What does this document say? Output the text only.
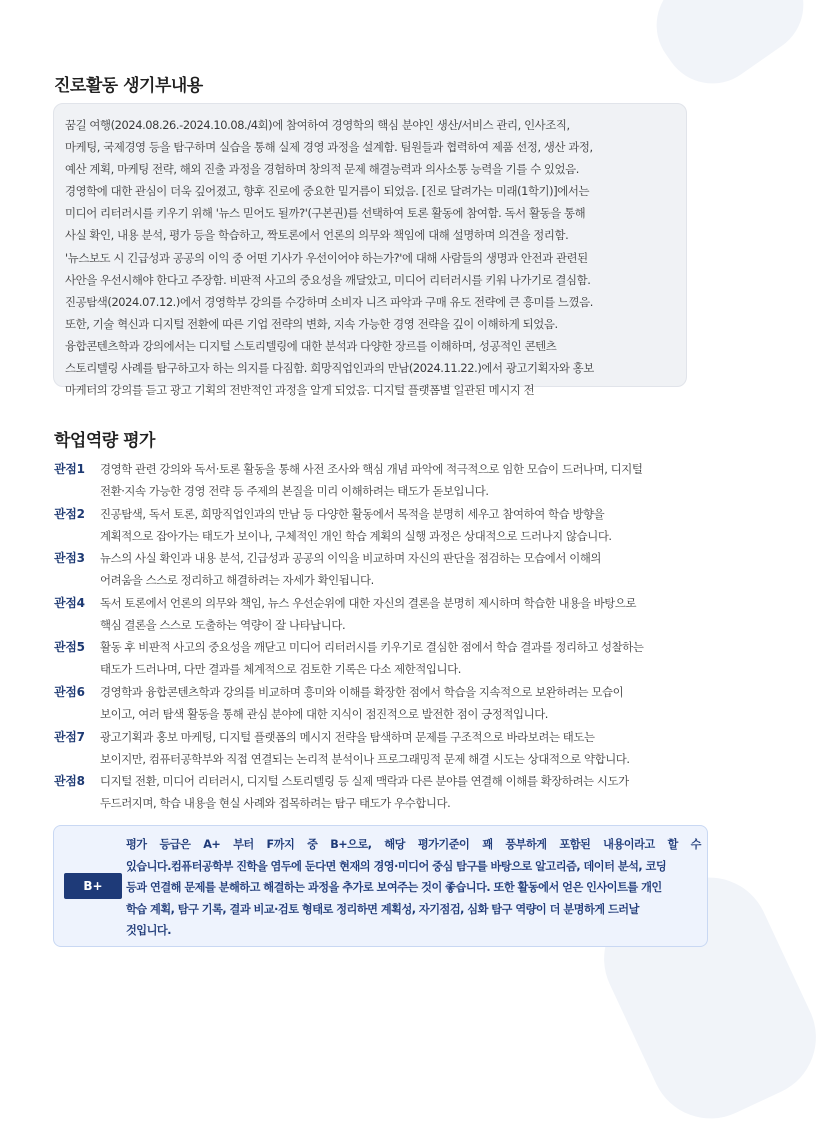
진로활동 생기부내용
꿈길 여행(2024.08.26.-2024.10.08./4회)에 참여하여 경영학의 핵심 분야인 생산/서비스 관리, 인사조직,
마케팅, 국제경영 등을 탐구하며 실습을 통해 실제 경영 과정을 설계함. 팀원들과 협력하여 제품 선정, 생산 과정,
예산 계획, 마케팅 전략, 해외 진출 과정을 경험하며 창의적 문제 해결능력과 의사소통 능력을 기를 수 있었음.
경영학에 대한 관심이 더욱 깊어졌고, 향후 진로에 중요한 밑거름이 되었음. [진로 달려가는 미래(1학기)]에서는
미디어 리터러시를 키우기 위해 '뉴스 믿어도 될까?'(구본권)를 선택하여 토론 활동에 참여함. 독서 활동을 통해
사실 확인, 내용 분석, 평가 등을 학습하고, 짝토론에서 언론의 의무와 책임에 대해 설명하며 의견을 정리함.
'뉴스보도 시 긴급성과 공공의 이익 중 어떤 기사가 우선이어야 하는가?'에 대해 사람들의 생명과 안전과 관련된
사안을 우선시해야 한다고 주장함. 비판적 사고의 중요성을 깨달았고, 미디어 리터러시를 키워 나가기로 결심함.
진공탐색(2024.07.12.)에서 경영학부 강의를 수강하며 소비자 니즈 파악과 구매 유도 전략에 큰 흥미를 느꼈음.
또한, 기술 혁신과 디지털 전환에 따른 기업 전략의 변화, 지속 가능한 경영 전략을 깊이 이해하게 되었음.
융합콘텐츠학과 강의에서는 디지털 스토리텔링에 대한 분석과 다양한 장르를 이해하며, 성공적인 콘텐츠
스토리텔링 사례를 탐구하고자 하는 의지를 다짐함. 희망직업인과의 만남(2024.11.22.)에서 광고기획자와 홍보
마케터의 강의를 듣고 광고 기획의 전반적인 과정을 알게 되었음. 디지털 플랫폼별 일관된 메시지 전
학업역량 평가
관점1	경영학 관련 강의와 독서·토론 활동을 통해 사전 조사와 핵심 개념 파악에 적극적으로 임한 모습이 드러나며, 디지털
전환·지속 가능한 경영 전략 등 주제의 본질을 미리 이해하려는 태도가 돋보입니다.
관점2	진공탐색, 독서 토론, 희망직업인과의 만남 등 다양한 활동에서 목적을 분명히 세우고 참여하여 학습 방향을
계획적으로 잡아가는 태도가 보이나, 구체적인 개인 학습 계획의 실행 과정은 상대적으로 드러나지 않습니다.
관점3	뉴스의 사실 확인과 내용 분석, 긴급성과 공공의 이익을 비교하며 자신의 판단을 점검하는 모습에서 이해의
어려움을 스스로 정리하고 해결하려는 자세가 확인됩니다.
관점4	독서 토론에서 언론의 의무와 책임, 뉴스 우선순위에 대한 자신의 결론을 분명히 제시하며 학습한 내용을 바탕으로
핵심 결론을 스스로 도출하는 역량이 잘 나타납니다.
관점5	활동 후 비판적 사고의 중요성을 깨닫고 미디어 리터러시를 키우기로 결심한 점에서 학습 결과를 정리하고 성찰하는
태도가 드러나며, 다만 결과를 체계적으로 검토한 기록은 다소 제한적입니다.
관점6	경영학과 융합콘텐츠학과 강의를 비교하며 흥미와 이해를 확장한 점에서 학습을 지속적으로 보완하려는 모습이
보이고, 여러 탐색 활동을 통해 관심 분야에 대한 지식이 점진적으로 발전한 점이 긍정적입니다.
관점7	광고기획과 홍보 마케팅, 디지털 플랫폼의 메시지 전략을 탐색하며 문제를 구조적으로 바라보려는 태도는
보이지만, 컴퓨터공학부와 직접 연결되는 논리적 분석이나 프로그래밍적 문제 해결 시도는 상대적으로 약합니다.
관점8	디지털 전환, 미디어 리터러시, 디지털 스토리텔링 등 실제 맥락과 다른 분야를 연결해 이해를 확장하려는 시도가
두드러지며, 학습 내용을 현실 사례와 접목하려는 탐구 태도가 우수합니다.
B+
평가 등급은 A+ 부터 F까지 중 B+으로, 해당 평가기준이 꽤 풍부하게 포함된 내용이라고 할 수
있습니다.컴퓨터공학부 진학을 염두에 둔다면 현재의 경영·미디어 중심 탐구를 바탕으로 알고리즘, 데이터 분석, 코딩
등과 연결해 문제를 분해하고 해결하는 과정을 추가로 보여주는 것이 좋습니다. 또한 활동에서 얻은 인사이트를 개인
학습 계획, 탐구 기록, 결과 비교·검토 형태로 정리하면 계획성, 자기점검, 심화 탐구 역량이 더 분명하게 드러날
것입니다.
